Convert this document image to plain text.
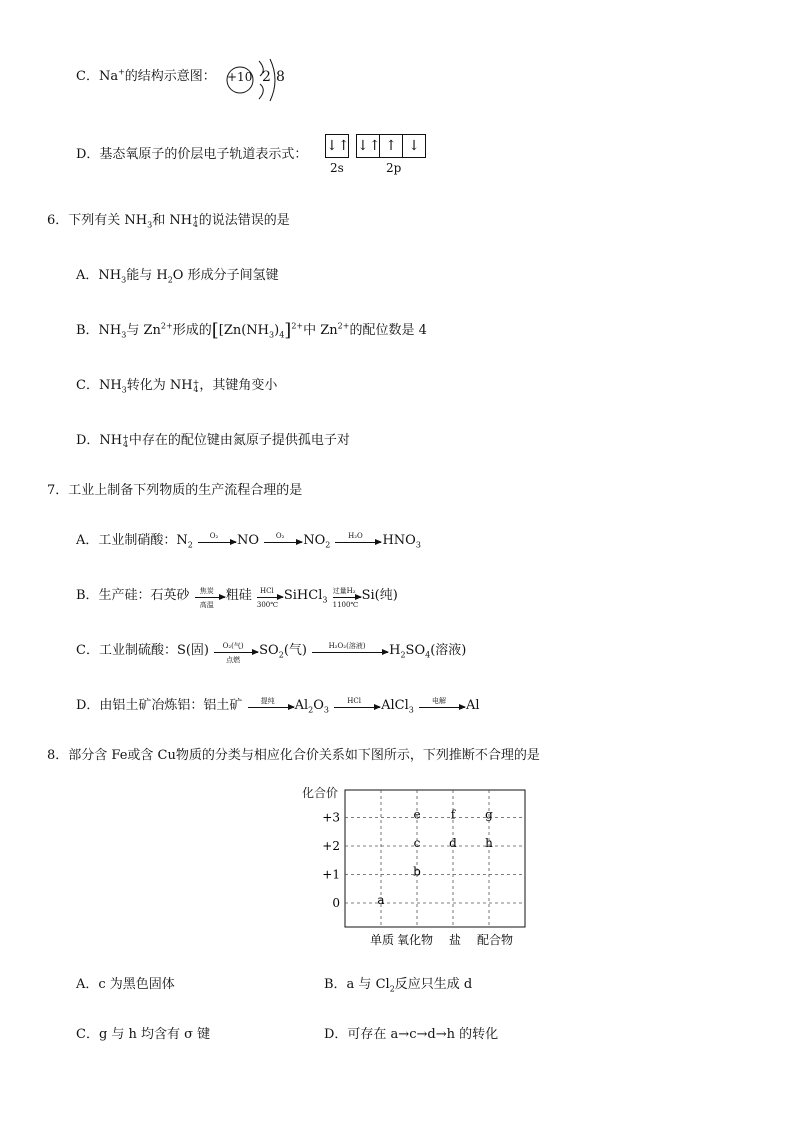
C．Na+的结构示意图： +10 2 8
D．基态氧原子的价层电子轨道表示式：
↓↑ ↓↑ ↑ ↓
2s	2p
6．下列有关 $NH_3$和 NH +
4 的说法错误的是
A．$NH_3$能与 $H_2O$ 形成分子间氢键
B．$NH_3$与 $Zn^{2+}$形成的[$[Zn(NH_3)_4]^{2+}$中 $Zn^{2+}$的配位数是 4
C．$NH_3$转化为 NH +
4 ，其键角变小
D．NH +
4 中存在的配位键由氮原子提供孤电子对
7．工业上制备下列物质的生产流程合理的是
A．工业制硝酸：$N_2$
O₂	NO	O₂	$NO_2$
H₂O	$HNO_3$
B．生产硅：石英砂	焦炭
高温
粗硅	HCl
300℃
SiHCl$_3$
过量H₂
1100℃
Si(纯)
C．工业制硫酸：S(固)	O₂(气)
点燃
$SO_2$(气)	H₂O₂(溶液)	$H_2SO_4$(溶液)
D．由铝土矿冶炼铝：铝土矿	提纯	$Al_2O_3$
HCl	AlCl$_3$
电解	Al
8．部分含 Fe或含 Cu物质的分类与相应化合价关系如下图所示，下列推断不合理的是
化合价
+3
+2
+1
0
单质 氧化物 盐 配合物
a
b
c
e
d
f
h
g
A．c 为黑色固体	B．a 与 $Cl_2$反应只生成 d
C．g 与 h 均含有 σ 键	D．可存在 a→c→d→h 的转化
